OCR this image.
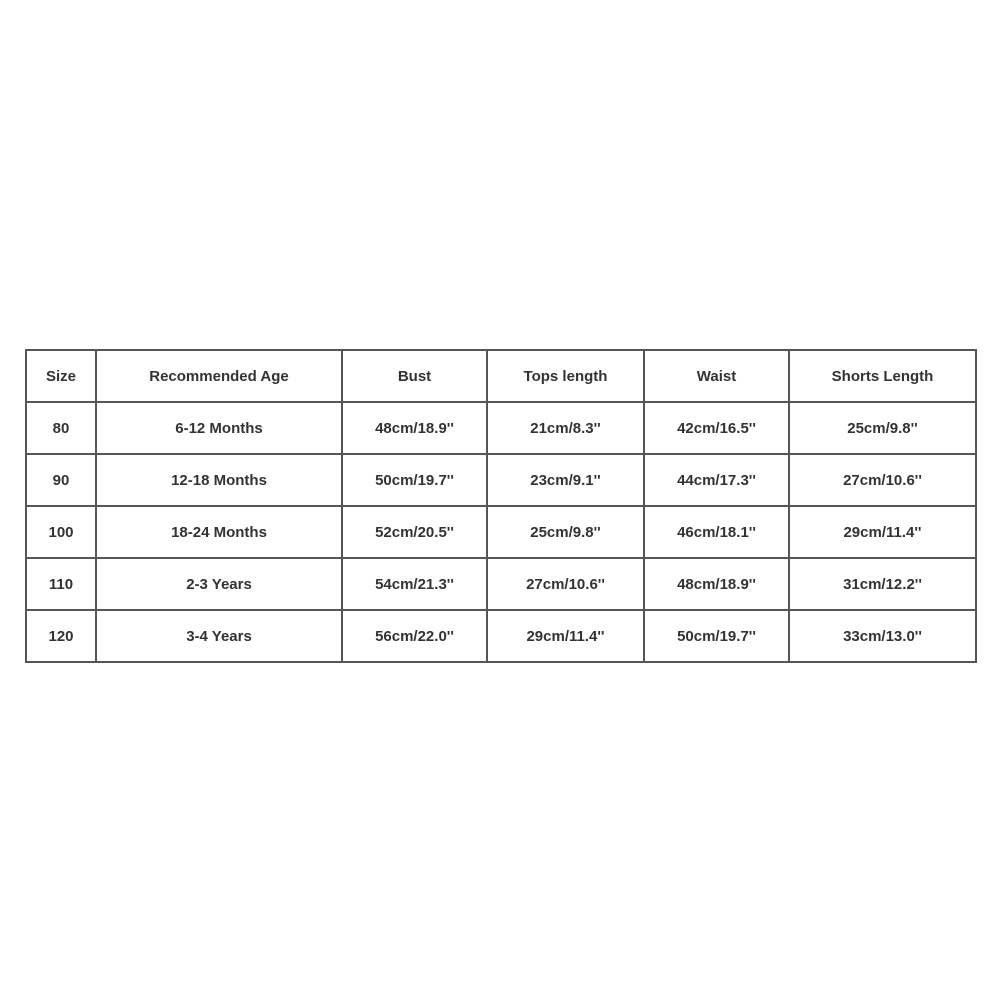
Size	Recommended Age	Bust	Tops length	Waist	Shorts Length
80	6-12 Months	48cm/18.9''	21cm/8.3''	42cm/16.5''	25cm/9.8''
90	12-18 Months	50cm/19.7''	23cm/9.1''	44cm/17.3''	27cm/10.6''
100	18-24 Months	52cm/20.5''	25cm/9.8''	46cm/18.1''	29cm/11.4''
110	2-3 Years	54cm/21.3''	27cm/10.6''	48cm/18.9''	31cm/12.2''
120	3-4 Years	56cm/22.0''	29cm/11.4''	50cm/19.7''	33cm/13.0''
